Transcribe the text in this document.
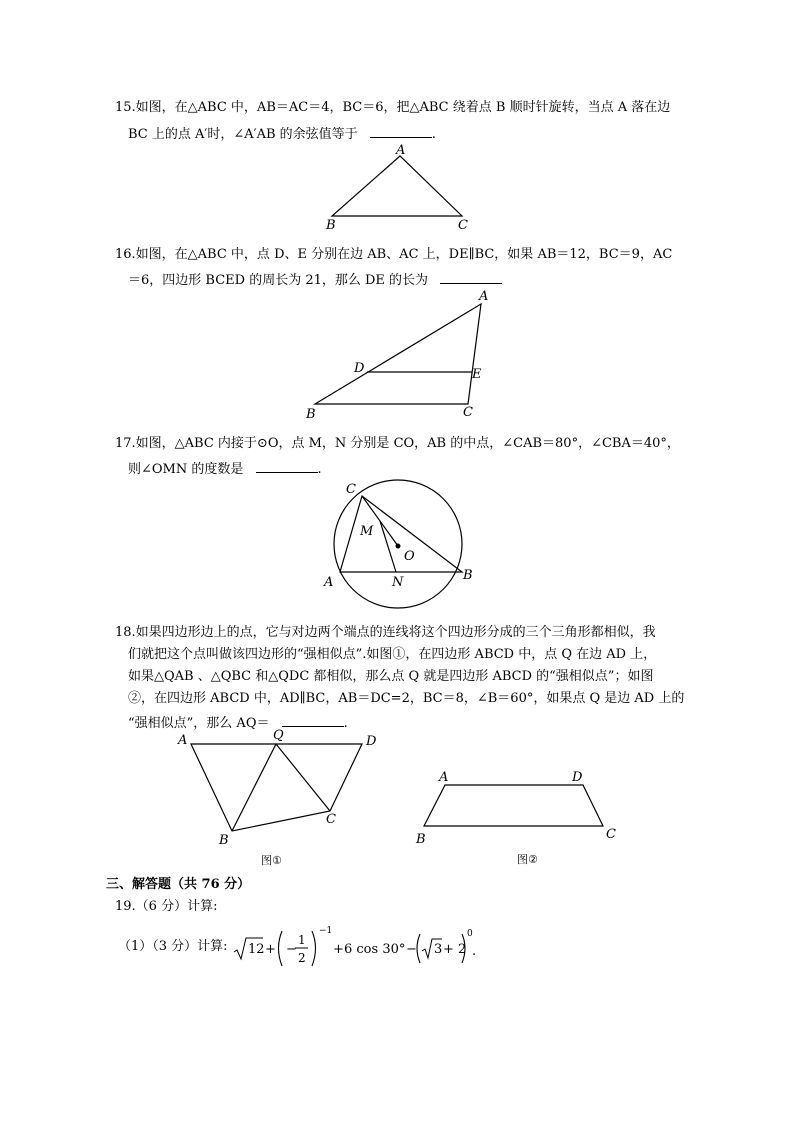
15.如图，在△ABC 中，AB＝AC＝4，BC＝6，把△ABC 绕着点 B 顺时针旋转，当点 A 落在边
BC 上的点 A′时，∠A′AB 的余弦值等于	.
A
B	C
16.如图，在△ABC 中，点 D、E 分别在边 AB、AC 上，DE∥BC，如果 AB＝12，BC＝9，AC
＝6，四边形 BCED 的周长为 21，那么 DE 的长为
A
D	E
B	C
17.如图，△ABC 内接于⊙O，点 M，N 分别是 CO，AB 的中点，∠CAB＝80°，∠CBA＝40°，
则∠OMN 的度数是	.
C
M
O
A	N	B
18.如果四边形边上的点，它与对边两个端点的连线将这个四边形分成的三个三角形都相似，我
们就把这个点叫做该四边形的“强相似点”.如图①，在四边形 ABCD 中，点 Q 在边 AD 上，
如果△QAB 、△QBC 和△QDC 都相似，那么点 Q 就是四边形 ABCD 的“强相似点”；如图
②，在四边形 ABCD 中，AD∥BC，AB＝DC=2，BC＝8，∠B＝60°，如果点 Q 是边 AD 上的
“强相似点”，那么 AQ＝	.
A	Q	D
B
C
图①
A	D
B	C
图②
三、解答题（共 76 分）
19.（6 分）计算:
（1）（3 分）计算: 12 + −
1
2
−1
+ 6 cos 30° − 3 + 2
0
.
